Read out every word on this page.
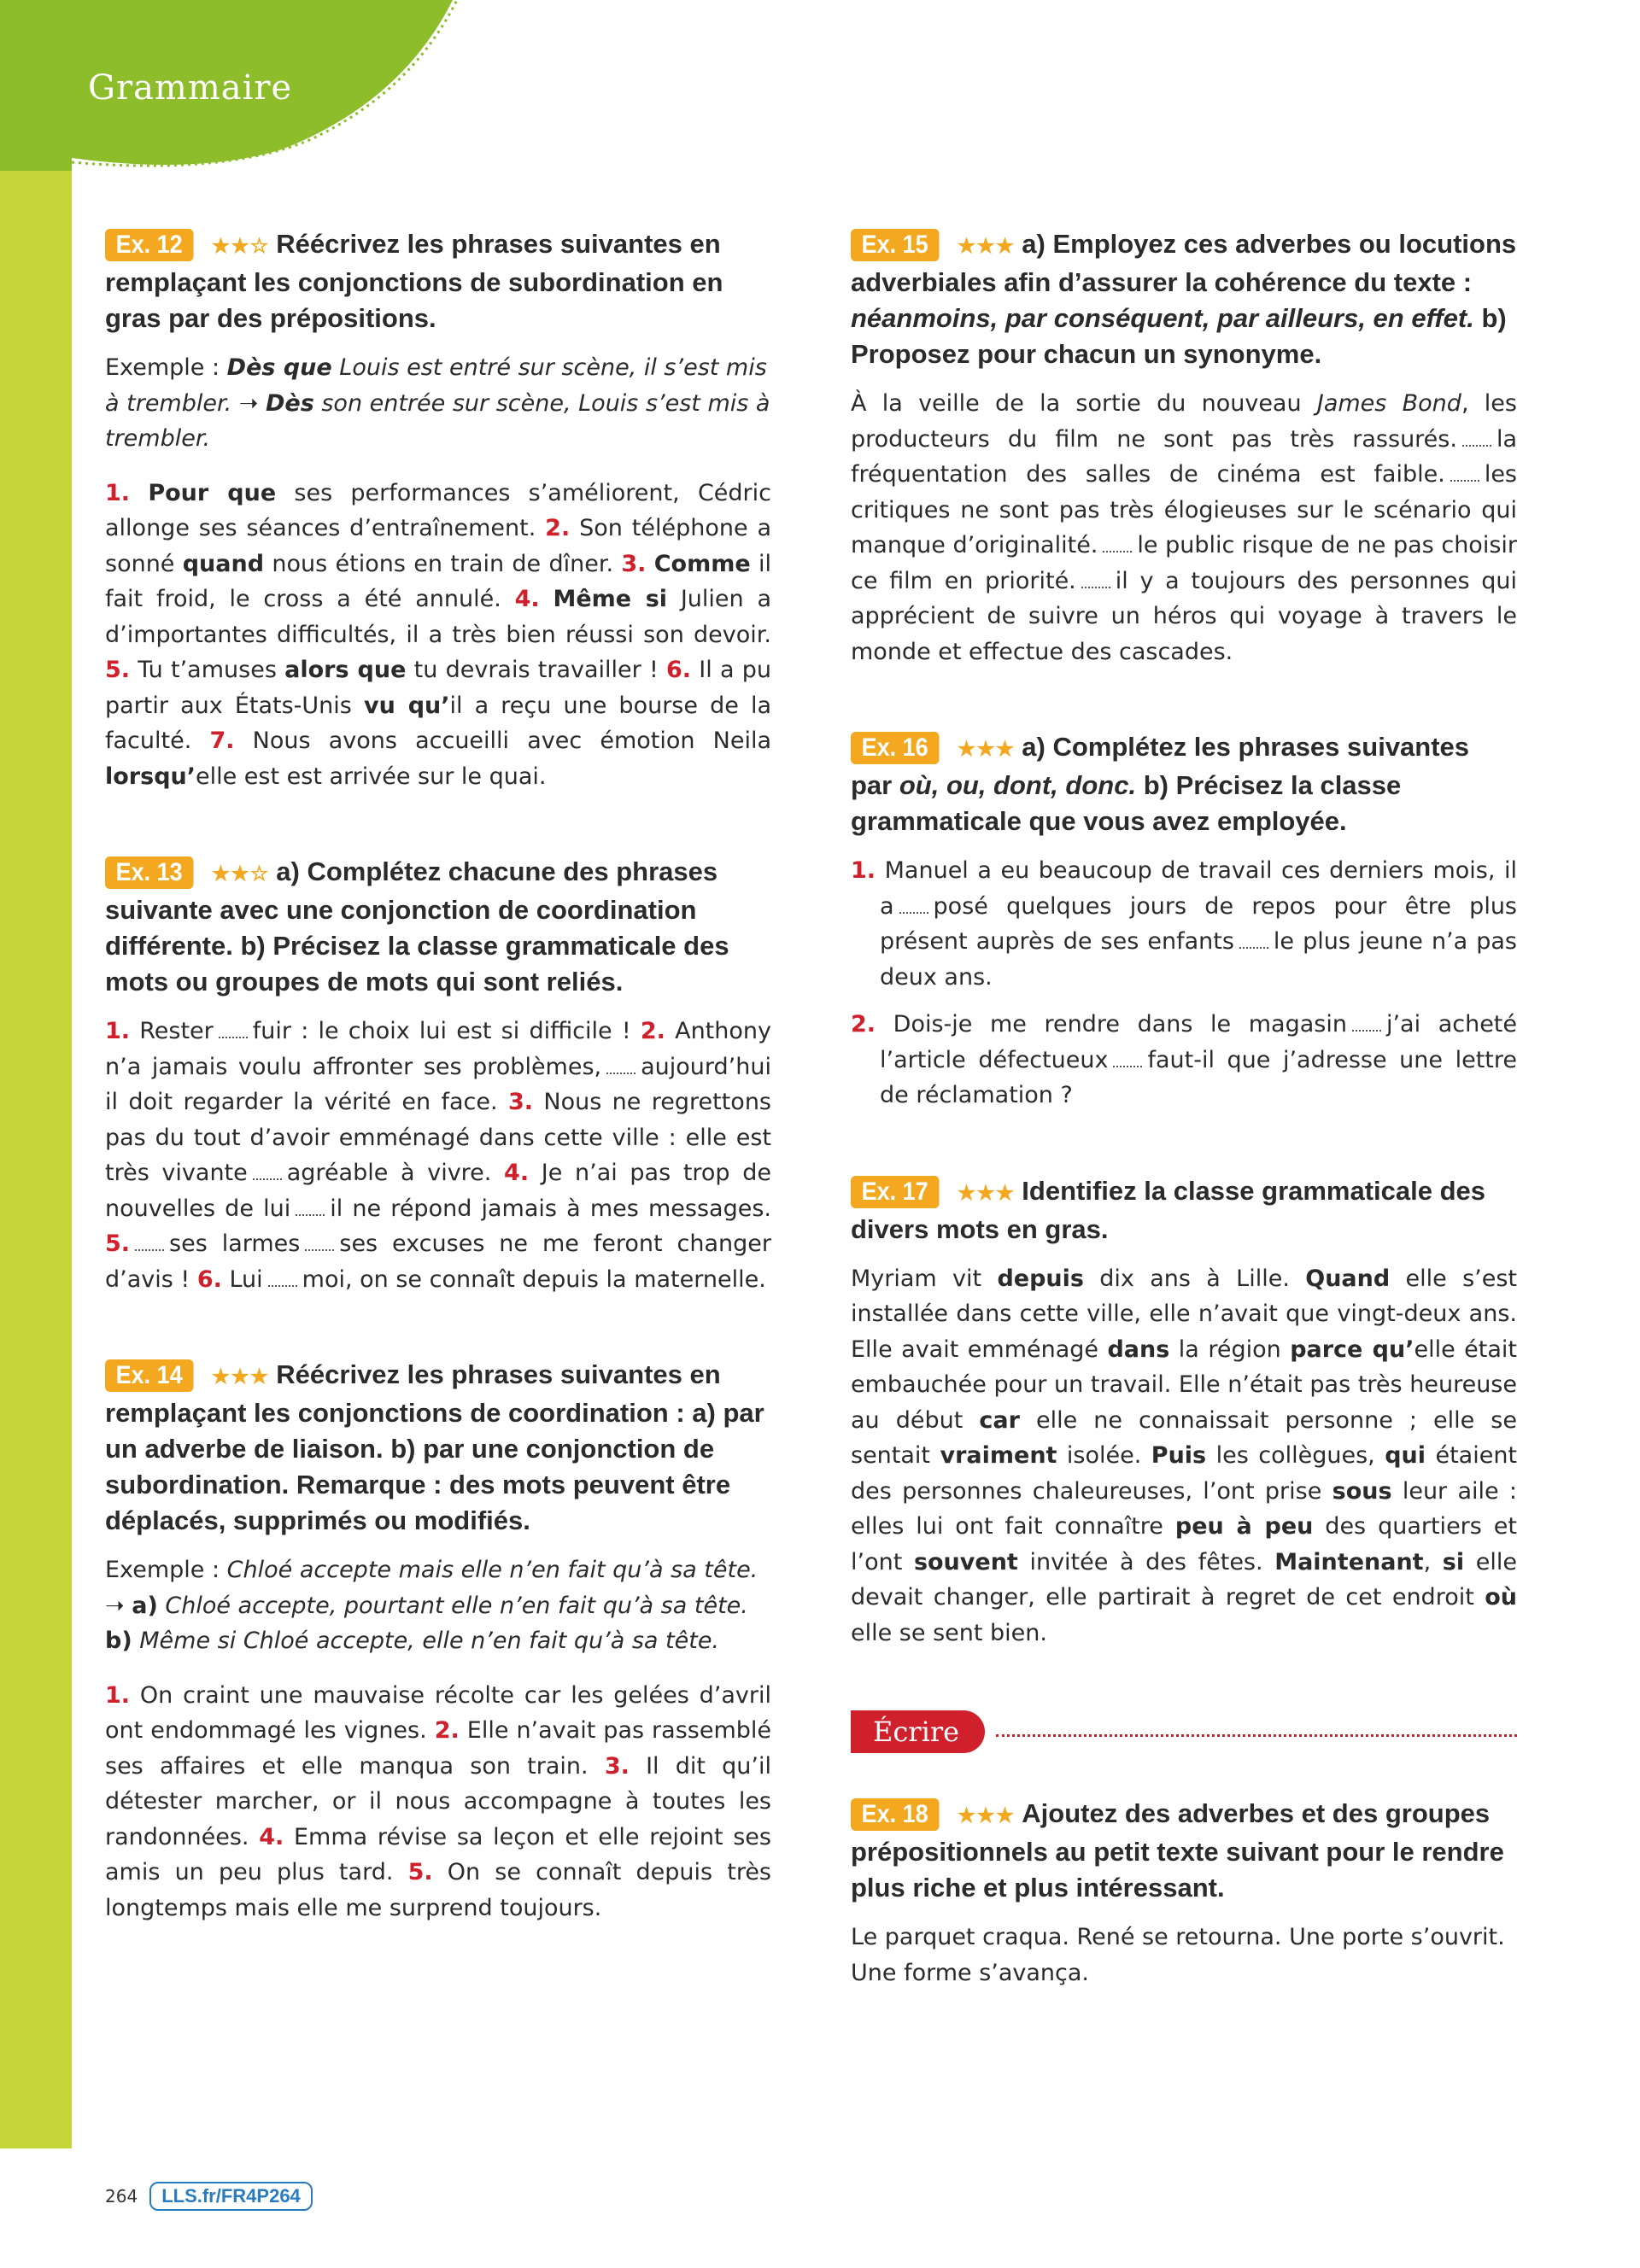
Grammaire
Ex. 12 ★★☆ Réécrivez les phrases suivantes en remplaçant les conjonctions de subordination en gras par des prépositions.

Exemple : Dès que Louis est entré sur scène, il s’est mis à trembler. ➝ Dès son entrée sur scène, Louis s’est mis à trembler.

1. Pour que ses performances s’améliorent, Cédric allonge ses séances d’entraînement. 2. Son téléphone a sonné quand nous étions en train de dîner. 3. Comme il fait froid, le cross a été annulé. 4. Même si Julien a d’importantes difficultés, il a très bien réussi son devoir. 5. Tu t’amuses alors que tu devrais travailler ! 6. Il a pu partir aux États-Unis vu qu’il a reçu une bourse de la faculté. 7. Nous avons accueilli avec émotion Neila lorsqu’elle est est arrivée sur le quai.

Ex. 13 ★★☆ a) Complétez chacune des phrases suivante avec une conjonction de coordination différente. b) Précisez la classe grammaticale des mots ou groupes de mots qui sont reliés.

1. Rester fuir : le choix lui est si difficile ! 2. Anthony n’a jamais voulu affronter ses problèmes, aujourd’hui il doit regarder la vérité en face. 3. Nous ne regrettons pas du tout d’avoir emménagé dans cette ville : elle est très vivante agréable à vivre. 4. Je n’ai pas trop de nouvelles de lui il ne répond jamais à mes messages. 5. ses larmes ses excuses ne me feront changer d’avis ! 6. Lui moi, on se connaît depuis la maternelle.

Ex. 14 ★★★ Réécrivez les phrases suivantes en remplaçant les conjonctions de coordination : a) par un adverbe de liaison. b) par une conjonction de subordination. Remarque : des mots peuvent être déplacés, supprimés ou modifiés.

Exemple : Chloé accepte mais elle n’en fait qu’à sa tête.
➝ a) Chloé accepte, pourtant elle n’en fait qu’à sa tête.
b) Même si Chloé accepte, elle n’en fait qu’à sa tête.

1. On craint une mauvaise récolte car les gelées d’avril ont endommagé les vignes. 2. Elle n’avait pas rassemblé ses affaires et elle manqua son train. 3. Il dit qu’il détester marcher, or il nous accompagne à toutes les randonnées. 4. Emma révise sa leçon et elle rejoint ses amis un peu plus tard. 5. On se connaît depuis très longtemps mais elle me surprend toujours.

Ex. 15 ★★★ a) Employez ces adverbes ou locutions adverbiales afin d’assurer la cohérence du texte : néanmoins, par conséquent, par ailleurs, en effet. b) Proposez pour chacun un synonyme.

À la veille de la sortie du nouveau James Bond, les producteurs du film ne sont pas très rassurés. la fréquentation des salles de cinéma est faible. les critiques ne sont pas très élogieuses sur le scénario qui manque d’originalité. le public risque de ne pas choisir ce film en priorité. il y a toujours des personnes qui apprécient de suivre un héros qui voyage à travers le monde et effectue des cascades.

Ex. 16 ★★★ a) Complétez les phrases suivantes par où, ou, dont, donc. b) Précisez la classe grammaticale que vous avez employée.

1. Manuel a eu beaucoup de travail ces derniers mois, il a posé quelques jours de repos pour être plus présent auprès de ses enfants le plus jeune n’a pas deux ans.

2. Dois-je me rendre dans le magasin j’ai acheté l’article défectueux faut-il que j’adresse une lettre de réclamation ?

Ex. 17 ★★★ Identifiez la classe grammaticale des divers mots en gras.

Myriam vit depuis dix ans à Lille. Quand elle s’est installée dans cette ville, elle n’avait que vingt-deux ans. Elle avait emménagé dans la région parce qu’elle était embauchée pour un travail. Elle n’était pas très heureuse au début car elle ne connaissait personne ; elle se sentait vraiment isolée. Puis les collègues, qui étaient des personnes chaleureuses, l’ont prise sous leur aile : elles lui ont fait connaître peu à peu des quartiers et l’ont souvent invitée à des fêtes. Maintenant, si elle devait changer, elle partirait à regret de cet endroit où elle se sent bien.

Écrire
Ex. 18 ★★★ Ajoutez des adverbes et des groupes prépositionnels au petit texte suivant pour le rendre plus riche et plus intéressant.

Le parquet craqua. René se retourna. Une porte s’ouvrit. Une forme s’avança.

264	LLS.fr/FR4P264
